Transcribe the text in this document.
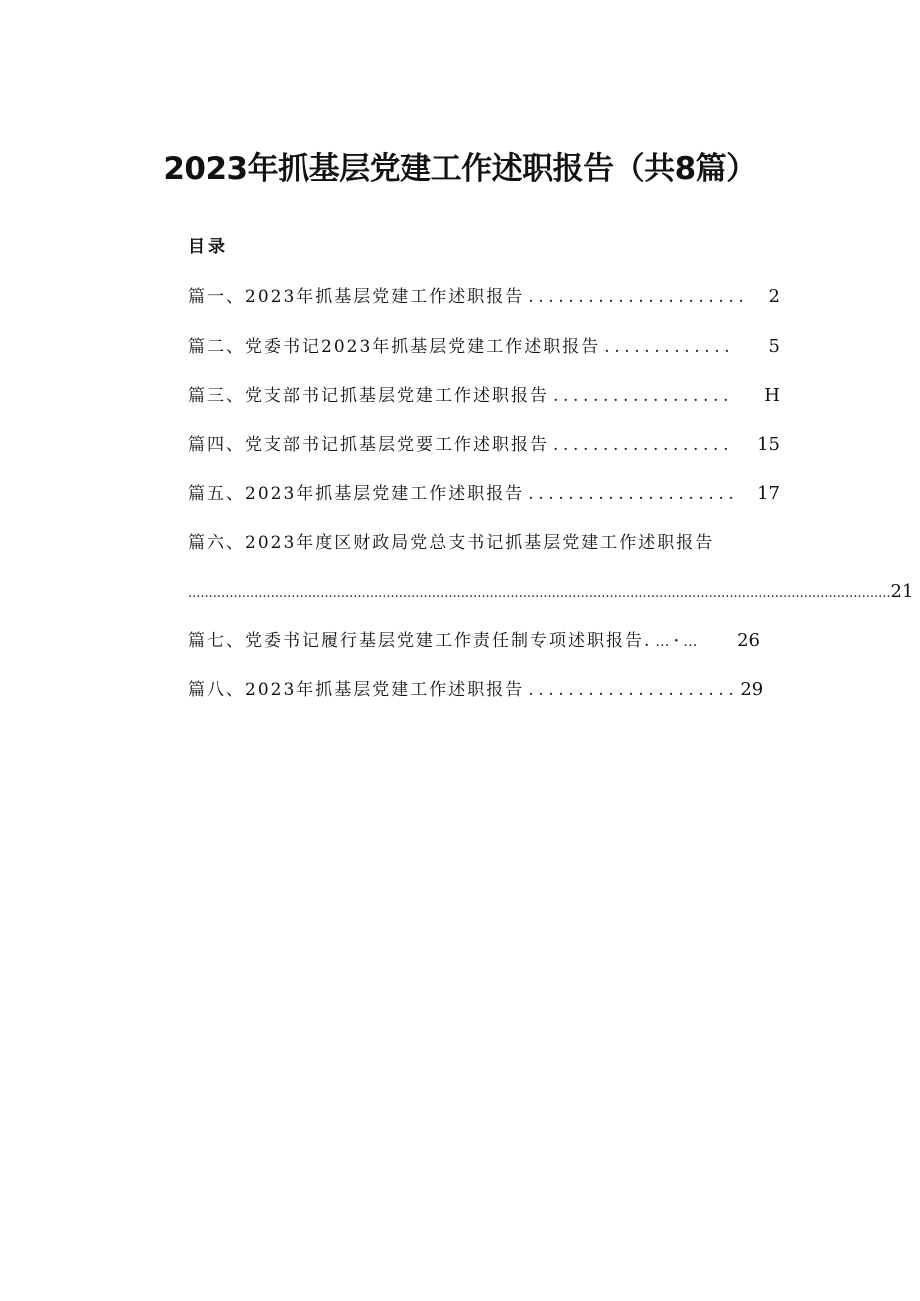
2023年抓基层党建工作述职报告（共8篇）
目录
篇一、2023年抓基层党建工作述职报告 ......................	2
篇二、党委书记2023年抓基层党建工作述职报告 .............	5
篇三、党支部书记抓基层党建工作述职报告 ..................	H
篇四、党支部书记抓基层党要工作述职报告 ..................	15
篇五、2023年抓基层党建工作述职报告 .....................	17
篇六、2023年度区财政局党总支书记抓基层党建工作述职报告
.......................................................................................................................................................................... 21
篇七、党委书记履行基层党建工作责任制专项述职报告. …・…	26
篇八、2023年抓基层党建工作述职报告 ..................... 29
